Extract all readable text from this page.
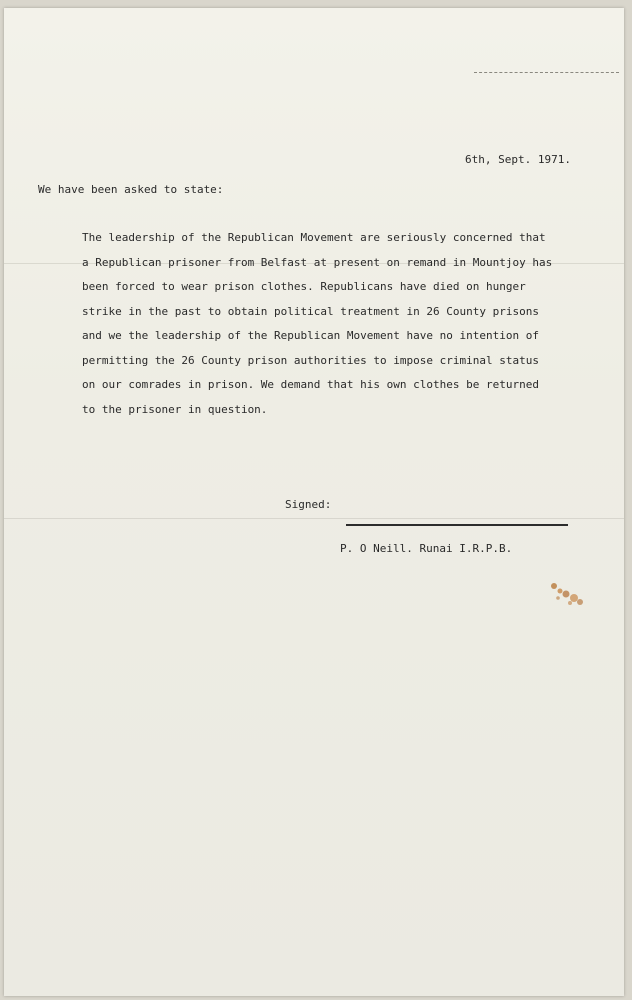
6th, Sept. 1971.
We have been asked to state:
The leadership of the Republican Movement are seriously concerned that
a Republican prisoner from Belfast at present on remand in Mountjoy has
been forced to wear prison clothes. Republicans have died on hunger
strike in the past to obtain political treatment in 26 County prisons
and we the leadership of the Republican Movement have no intention of
permitting the 26 County prison authorities to impose criminal status
on our comrades in prison. We demand that his own clothes be returned
to the prisoner in question.
Signed:
P. O Neill. Runai I.R.P.B.
